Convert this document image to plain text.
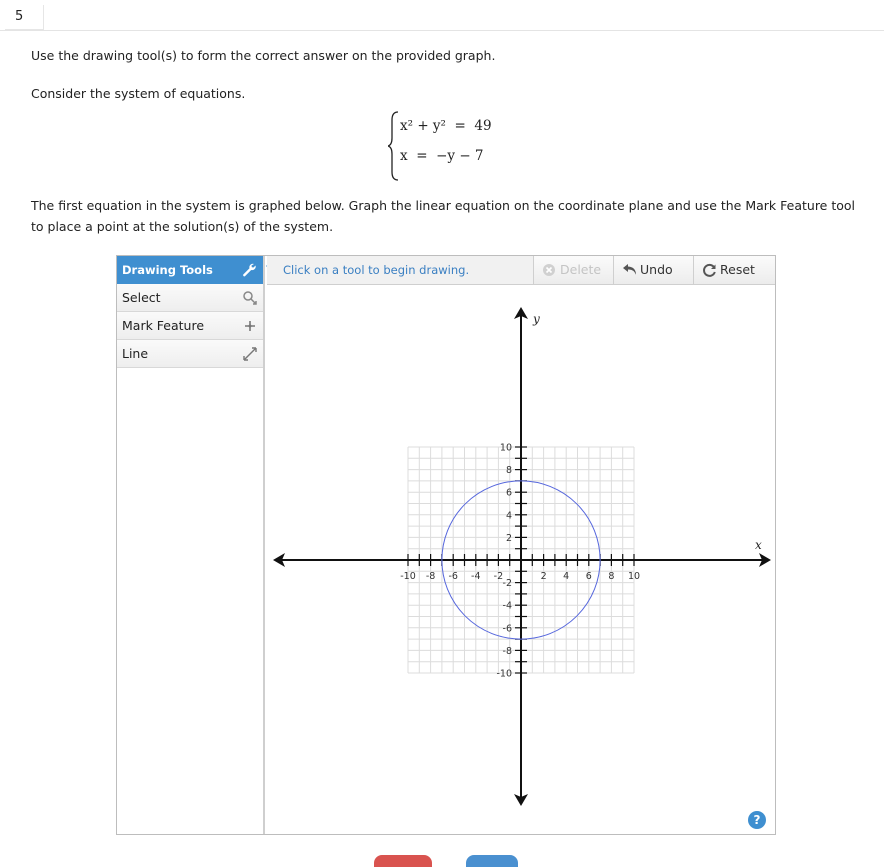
5
Use the drawing tool(s) to form the correct answer on the provided graph.
Consider the system of equations.
x² + y²  =  49
x  =  −y − 7
The first equation in the system is graphed below. Graph the linear equation on the coordinate plane and use the Mark Feature tool to place a point at the solution(s) of the system.
Drawing Tools
Select
Mark Feature
Line
Click on a tool to begin drawing.	Delete	Undo	Reset
-10 -8 -6 -4 -2	2 4 6 8 10
10
8
6
4
2
-2
-4
-6
-8
-10
x
y
?
